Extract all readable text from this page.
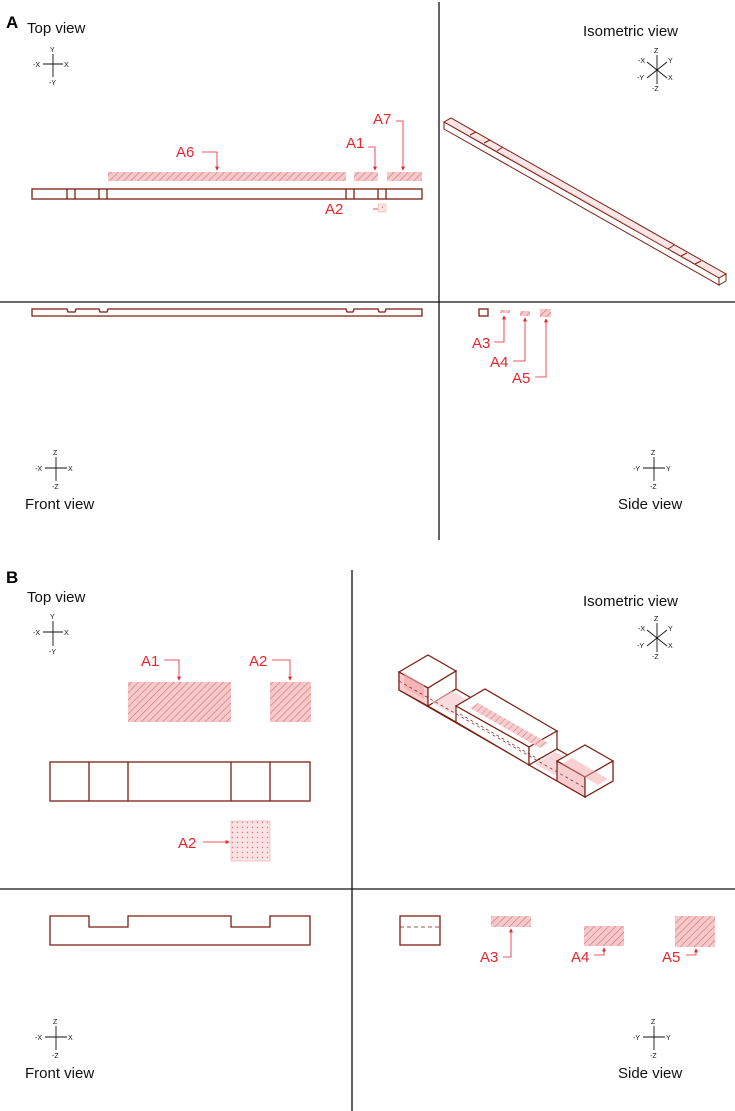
A Top view	Isometric view
Front view	Side view
Y
-Y
-X	X
Z
-Z
-X	Y
-Y	X
Z
-Z
-X	X
Z
-Z
-Y	Y
A6
A1
A7
A2
A3
A4
A5
B
Top view	Isometric view
Front view	Side view
Y
-Y
-X	X
Z
-Z
-X	Y
-Y	X
Z
-Z
-X	X
Z
-Z
-Y	Y
A1	A2
A2
A3	A4	A5
